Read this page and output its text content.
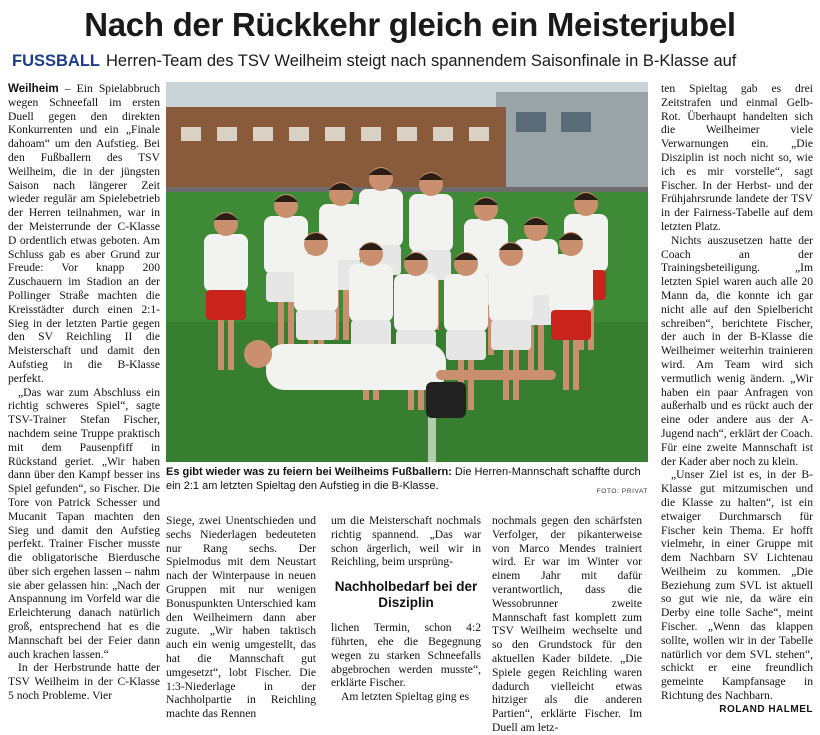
Nach der Rückkehr gleich ein Meisterjubel
FUSSBALL Herren-Team des TSV Weilheim steigt nach spannendem Saisonfinale in B-Klasse auf

Weilheim – Ein Spielabbruch wegen Schneefall im ersten Duell gegen den direkten Konkurrenten und ein „Finale dahoam“ um den Aufstieg. Bei den Fußballern des TSV Weilheim, die in der jüngsten Saison nach längerer Zeit wieder regulär am Spielebetrieb der Herren teilnahmen, war in der Meisterrunde der C-Klasse D ordentlich etwas geboten. Am Schluss gab es aber Grund zur Freude: Vor knapp 200 Zuschauern im Stadion an der Pollinger Straße machten die Kreisstädter durch einen 2:1-Sieg in der letzten Partie gegen den SV Reichling II die Meisterschaft und damit den Aufstieg in die B-Klasse perfekt.

„Das war zum Abschluss ein richtig schweres Spiel“, sagte TSV-Trainer Stefan Fischer, nachdem seine Truppe praktisch mit dem Pausenpfiff in Rückstand geriet. „Wir haben dann über den Kampf besser ins Spiel gefunden“, so Fischer. Die Tore von Patrick Schesser und Mucanit Tapan machten den Sieg und damit den Aufstieg perfekt. Trainer Fischer musste die obligatorische Bierdusche über sich ergehen lassen – nahm sie aber gelassen hin: „Nach der Anspannung im Vorfeld war die Erleichterung danach natürlich groß, entsprechend hat es die Mannschaft bei der Feier dann auch krachen lassen.“

In der Herbstrunde hatte der TSV Weilheim in der C-Klasse 5 noch Probleme. Vier

Es gibt wieder was zu feiern bei Weilheims Fußballern: Die Herren-Mannschaft schaffte durch ein 2:1 am letzten Spieltag den Aufstieg in die B-Klasse.	FOTO: PRIVAT

Siege, zwei Unentschieden und sechs Niederlagen bedeuteten nur Rang sechs. Der Spielmodus mit dem Neustart nach der Winterpause in neuen Gruppen mit nur wenigen Bonuspunkten Unterschied kam den Weilheimern dann aber zugute. „Wir haben taktisch auch ein wenig umgestellt, das hat die Mannschaft gut umgesetzt“, lobt Fischer. Die 1:3-Niederlage in der Nachholpartie in Reichling machte das Rennen

um die Meisterschaft nochmals richtig spannend. „Das war schon ärgerlich, weil wir in Reichling, beim ursprüng-

Nachholbedarf bei der Disziplin

lichen Termin, schon 4:2 führten, ehe die Begegnung wegen zu starken Schneefalls abgebrochen werden musste“, erklärte Fischer.

Am letzten Spieltag ging es

nochmals gegen den schärfsten Verfolger, der pikanterweise von Marco Mendes trainiert wird. Er war im Winter vor einem Jahr mit dafür verantwortlich, dass die Wessobrunner zweite Mannschaft fast komplett zum TSV Weilheim wechselte und so den Grundstock für den aktuellen Kader bildete. „Die Spiele gegen Reichling waren dadurch vielleicht etwas hitziger als die anderen Partien“, erklärte Fischer. Im Duell am letz-

ten Spieltag gab es drei Zeitstrafen und einmal Gelb-Rot. Überhaupt handelten sich die Weilheimer viele Verwarnungen ein. „Die Disziplin ist noch nicht so, wie ich es mir vorstelle“, sagt Fischer. In der Herbst- und der Frühjahrsrunde landete der TSV in der Fairness-Tabelle auf dem letzten Platz.

Nichts auszusetzen hatte der Coach an der Trainingsbeteiligung. „Im letzten Spiel waren auch alle 20 Mann da, die konnte ich gar nicht alle auf den Spielbericht schreiben“, berichtete Fischer, der auch in der B-Klasse die Weilheimer weiterhin trainieren wird. Am Team wird sich vermutlich wenig ändern. „Wir haben ein paar Anfragen von außerhalb und es rückt auch der eine oder andere aus der A-Jugend nach“, erklärt der Coach. Für eine zweite Mannschaft ist der Kader aber noch zu klein.

„Unser Ziel ist es, in der B-Klasse gut mitzumischen und die Klasse zu halten“, ist ein etwaiger Durchmarsch für Fischer kein Thema. Er hofft vielmehr, in einer Gruppe mit dem Nachbarn SV Lichtenau Weilheim zu kommen. „Die Beziehung zum SVL ist aktuell so gut wie nie, da wäre ein Derby eine tolle Sache“, meint Fischer. „Wenn das klappen sollte, wollen wir in der Tabelle natürlich vor dem SVL stehen“, schickt er eine freundlich gemeinte Kampfansage in Richtung des Nachbarn.
ROLAND HALMEL
